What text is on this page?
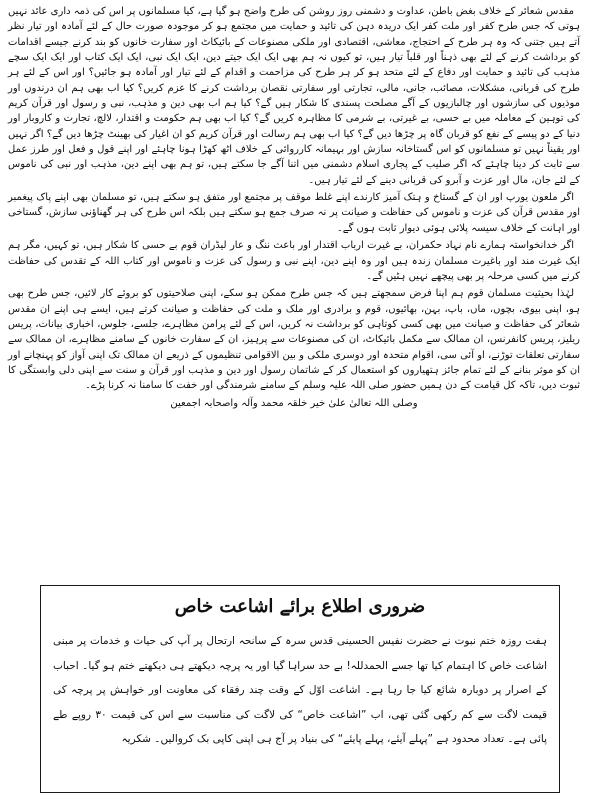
مقدس شعائر کے خلاف بغض باطن، عداوت و دشمنی روز روشن کی طرح واضح ہو گیا ہے، کیا مسلمانوں پر اس کی ذمہ داری عائد نہیں ہوتی کہ جس طرح کفر اور ملت کفر ایک دریدہ دہن کی تائید و حمایت میں مجتمع ہو کر موجودہ صورت حال کے لئے آمادہ اور تیار نظر آتے ہیں جتنی کہ وہ ہر طرح کے احتجاج، معاشی، اقتصادی اور ملکی مصنوعات کے بائیکاٹ اور سفارت خانوں کو بند کرنے جیسے اقدامات کو برداشت کرنے کے لئے بھی ذہناً اور قلباً تیار ہیں، تو کیوں نہ ہم بھی ایک ایک جیتے دین، ایک ایک نبی، ایک ایک کتاب اور ایک ایک سچے مذہب کی تائید و حمایت اور دفاع کے لئے متحد ہو کر ہر طرح کی مزاحمت و اقدام کے لئے تیار اور آمادہ ہو جائیں؟ اور اس کے لئے ہر طرح کی قربانی، مشکلات، مصائب، جانی، مالی، تجارتی اور سفارتی نقصان برداشت کرنے کا عزم کریں؟ کیا اب بھی ہم ان درندوں اور موذیوں کی سازشوں اور چالبازیوں کے آگے مصلحت پسندی کا شکار ہیں گے؟ کیا ہم اب بھی دین و مذہب، نبی و رسول اور قرآن کریم کی توہین کے معاملہ میں بے حسی، بے غیرتی، بے شرمی کا مظاہرہ کریں گے؟ کیا اب بھی ہم حکومت و اقتدار، لالچ، تجارت و کاروبار اور دنیا کے دو پیسے کے نفع کو قربان گاہ پر چڑھا دیں گے؟ کیا اب بھی ہم رسالت اور قرآن کریم کو ان اغیار کی بھینٹ چڑھا دیں گے؟ اگر نہیں اور یقیناً نہیں تو مسلمانوں کو اس گستاخانہ سازش اور بہیمانہ کارروائی کے خلاف اٹھ کھڑا ہونا چاہئے اور اپنے قول و فعل اور طرز عمل سے ثابت کر دینا چاہئے کہ اگر صلیب کے پجاری اسلام دشمنی میں اتنا آگے جا سکتے ہیں، تو ہم بھی اپنے دین، مذہب اور نبی کی ناموس کے لئے جان، مال اور عزت و آبرو کی قربانی دینے کے لئے تیار ہیں۔

اگر ملعون یورپ اور ان کے گستاخ و ہتک آمیز کارندے اپنے غلط موقف پر مجتمع اور متفق ہو سکتے ہیں، تو مسلمان بھی اپنے پاک پیغمبر اور مقدس قرآن کی عزت و ناموس کی حفاظت و صیانت پر نہ صرف جمع ہو سکتے ہیں بلکہ اس طرح کی ہر گھناؤنی سازش، گستاخی اور اہانت کے خلاف سیسہ پلائی ہوئی دیوار ثابت ہوں گے۔

اگر خدانخواستہ ہمارے نام نہاد حکمران، بے غیرت ارباب اقتدار اور باعث ننگ و عار لیڈران قوم بے حسی کا شکار ہیں، تو کہیں، مگر ہم ایک غیرت مند اور باغیرت مسلمان زندہ ہیں اور وہ اپنے دین، اپنے نبی و رسول کی عزت و ناموس اور کتاب اللہ کے تقدس کی حفاظت کرنے میں کسی مرحلہ پر بھی پیچھے نہیں ہٹیں گے۔

لہٰذا بحیثیت مسلمان قوم ہم اپنا فرض سمجھتے ہیں کہ جس طرح ممکن ہو سکے، اپنی صلاحیتوں کو بروئے کار لائیں، جس طرح بھی ہو، اپنی بیوی، بچوں، ماں، باپ، بہن، بھائیوں، قوم و برادری اور ملک و ملت کی حفاظت و صیانت کرتے ہیں، ایسے ہی اپنے ان مقدس شعائر کی حفاظت و صیانت میں بھی کسی کوتاہی کو برداشت نہ کریں، اس کے لئے پرامن مظاہرے، جلسے، جلوس، اخباری بیانات، پریس ریلیز، پریس کانفرنس، ان ممالک سے مکمل بائیکاٹ، ان کی مصنوعات سے پرہیز، ان کے سفارت خانوں کے سامنے مظاہرے، ان ممالک سے سفارتی تعلقات توڑنے، او آئی سی، اقوام متحدہ اور دوسری ملکی و بین الاقوامی تنظیموں کے ذریعے ان ممالک تک اپنی آواز کو پہنچانے اور ان کو موثر بنانے کے لئے تمام جائز ہتھیاروں کو استعمال کر کے شاتمان رسول اور دین و مذہب اور قرآن و سنت سے اپنی دلی وابستگی کا ثبوت دیں، تاکہ کل قیامت کے دن ہمیں حضور صلی اللہ علیہ وسلم کے سامنے شرمندگی اور خفت کا سامنا نہ کرنا پڑے۔

وصلی اللہ تعالیٰ علیٰ خیر خلقہ محمد وآلہ واصحابہ اجمعین

ضروری اطلاع برائے اشاعت خاص

ہفت روزہ ختم نبوت نے حضرت نفیس الحسینی قدس سرہ کے سانحہ ارتحال پر آپ کی حیات و خدمات پر مبنی اشاعت خاص کا اہتمام کیا تھا جسے الحمدللہ! بے حد سراہا گیا اور یہ پرچہ دیکھتے ہی دیکھتے ختم ہو گیا۔ احباب کے اصرار پر دوبارہ شائع کیا جا رہا ہے۔ اشاعت اوّل کے وقت چند رفقاء کی معاونت اور خواہش پر پرچہ کی قیمت لاگت سے کم رکھی گئی تھی، اب ”اشاعت خاص“ کی لاگت کی مناسبت سے اس کی قیمت ۳۰ روپے طے پائی ہے۔ تعداد محدود ہے ”پہلے آیئے، پہلے پایئے“ کی بنیاد پر آج ہی اپنی کاپی بک کروالیں۔ شکریہ
